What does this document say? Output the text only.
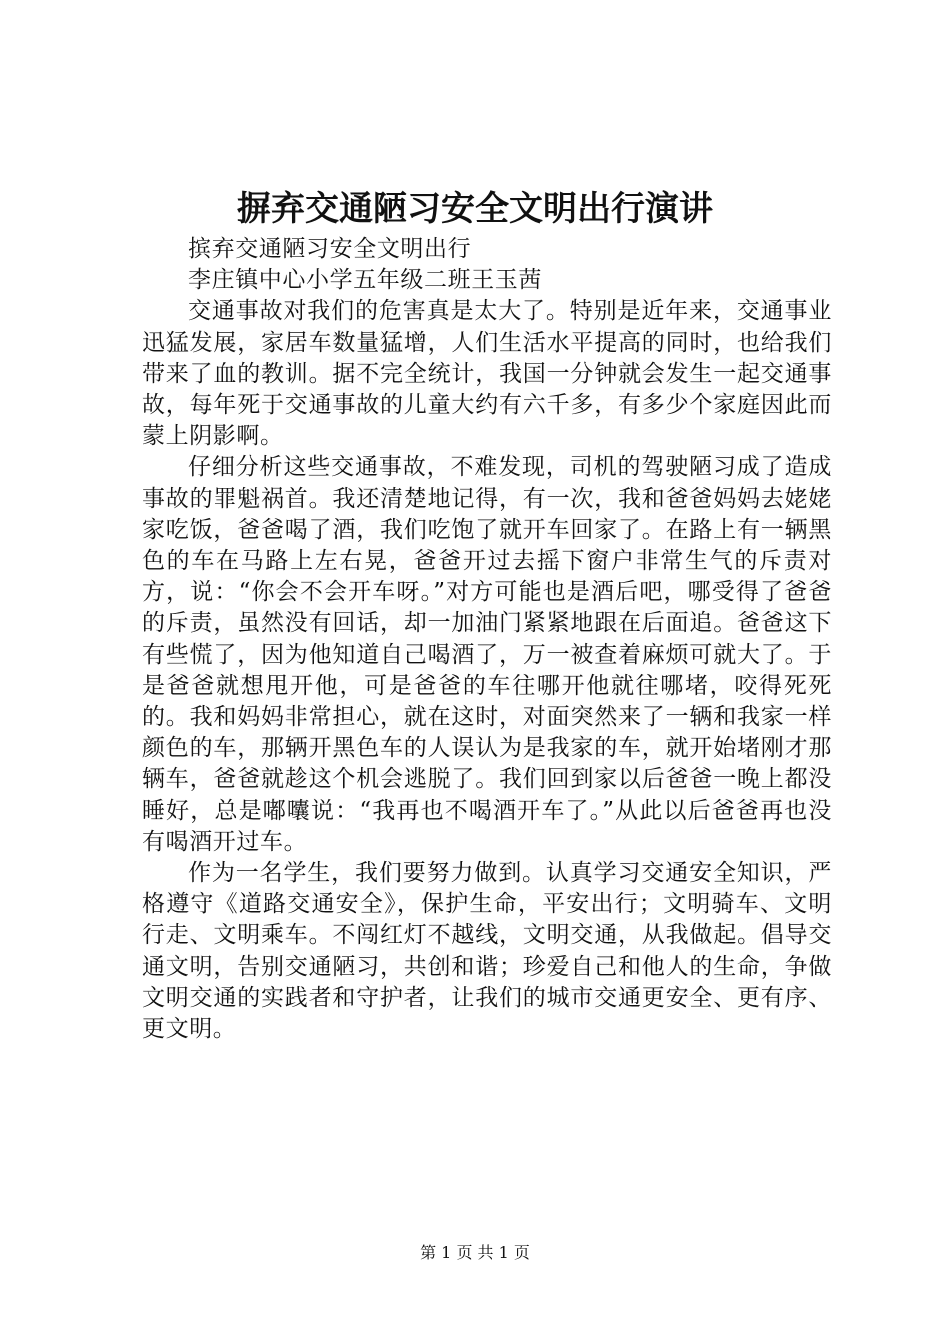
摒弃交通陋习安全文明出行演讲

摈弃交通陋习安全文明出行

李庄镇中心小学五年级二班王玉茜

交通事故对我们的危害真是太大了。特别是近年来，交通事业迅猛发展，家居车数量猛增，人们生活水平提高的同时，也给我们带来了血的教训。据不完全统计，我国一分钟就会发生一起交通事故，每年死于交通事故的儿童大约有六千多，有多少个家庭因此而蒙上阴影啊。

仔细分析这些交通事故，不难发现，司机的驾驶陋习成了造成事故的罪魁祸首。我还清楚地记得，有一次，我和爸爸妈妈去姥姥家吃饭，爸爸喝了酒，我们吃饱了就开车回家了。在路上有一辆黑色的车在马路上左右晃，爸爸开过去摇下窗户非常生气的斥责对方，说：“你会不会开车呀。”对方可能也是酒后吧，哪受得了爸爸的斥责，虽然没有回话，却一加油门紧紧地跟在后面追。爸爸这下有些慌了，因为他知道自己喝酒了，万一被查着麻烦可就大了。于是爸爸就想甩开他，可是爸爸的车往哪开他就往哪堵，咬得死死的。我和妈妈非常担心，就在这时，对面突然来了一辆和我家一样颜色的车，那辆开黑色车的人误认为是我家的车，就开始堵刚才那辆车，爸爸就趁这个机会逃脱了。我们回到家以后爸爸一晚上都没睡好，总是嘟囔说：“我再也不喝酒开车了。”从此以后爸爸再也没有喝酒开过车。

作为一名学生，我们要努力做到。认真学习交通安全知识，严格遵守《道路交通安全》，保护生命，平安出行；文明骑车、文明行走、文明乘车。不闯红灯不越线，文明交通，从我做起。倡导交通文明，告别交通陋习，共创和谐；珍爱自己和他人的生命，争做文明交通的实践者和守护者，让我们的城市交通更安全、更有序、更文明。

第 1 页 共 1 页
